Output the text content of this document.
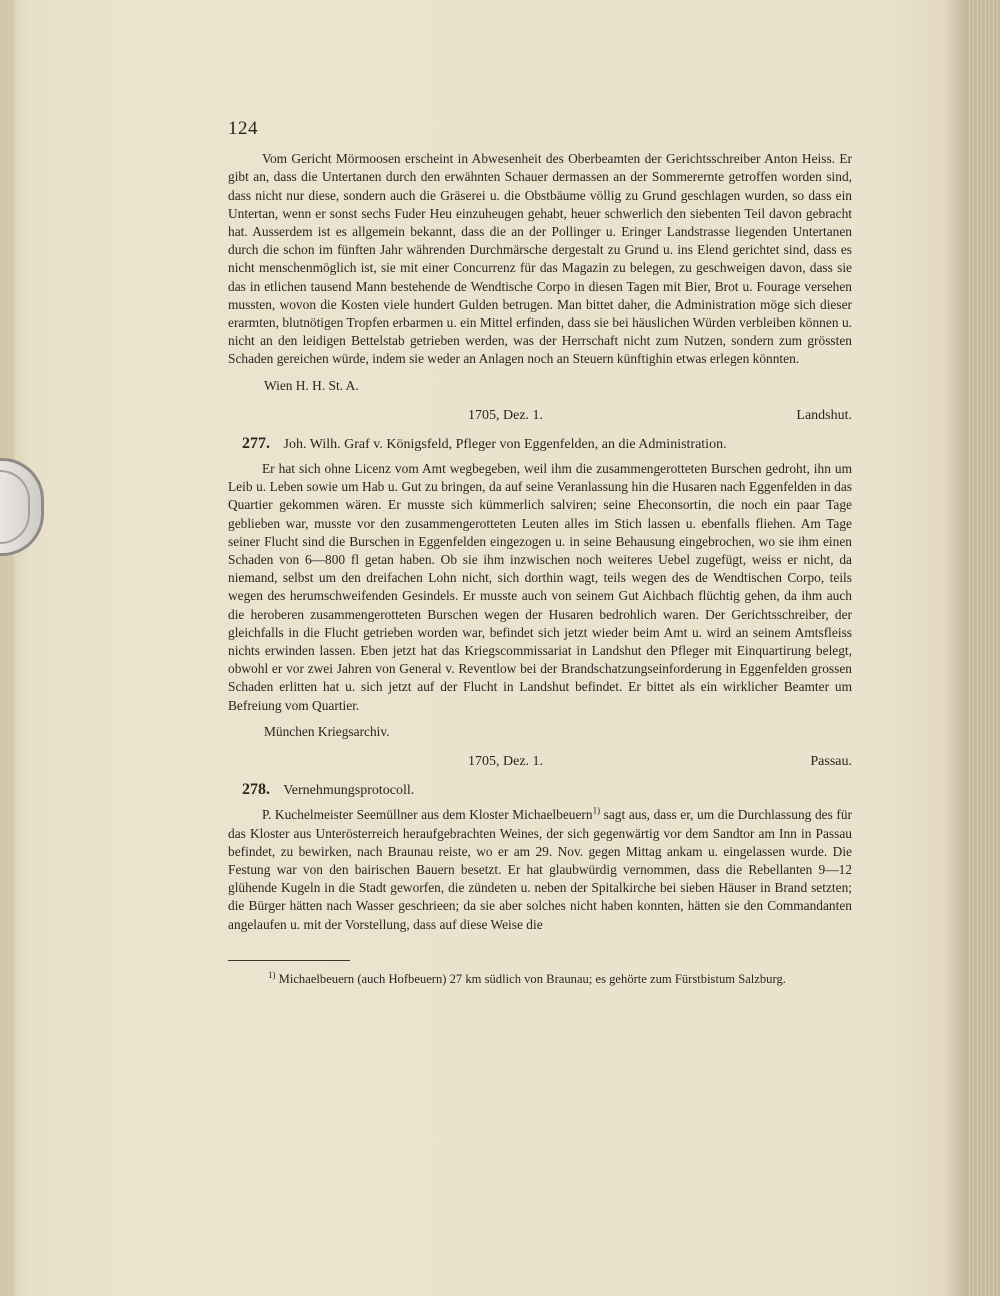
124

Vom Gericht Mörmoosen erscheint in Abwesenheit des Oberbeamten der Gerichtsschreiber Anton Heiss. Er gibt an, dass die Untertanen durch den erwähnten Schauer dermassen an der Sommerernte getroffen worden sind, dass nicht nur diese, sondern auch die Gräserei u. die Obstbäume völlig zu Grund geschlagen wurden, so dass ein Untertan, wenn er sonst sechs Fuder Heu einzuheugen gehabt, heuer schwerlich den siebenten Teil davon gebracht hat. Ausserdem ist es allgemein bekannt, dass die an der Pollinger u. Eringer Landstrasse liegenden Untertanen durch die schon im fünften Jahr währenden Durchmärsche dergestalt zu Grund u. ins Elend gerichtet sind, dass es nicht menschenmöglich ist, sie mit einer Concurrenz für das Magazin zu belegen, zu geschweigen davon, dass sie das in etlichen tausend Mann bestehende de Wendtische Corpo in diesen Tagen mit Bier, Brot u. Fourage versehen mussten, wovon die Kosten viele hundert Gulden betrugen. Man bittet daher, die Administration möge sich dieser erarmten, blutnötigen Tropfen erbarmen u. ein Mittel erfinden, dass sie bei häuslichen Würden verbleiben können u. nicht an den leidigen Bettelstab getrieben werden, was der Herrschaft nicht zum Nutzen, sondern zum grössten Schaden gereichen würde, indem sie weder an Anlagen noch an Steuern künftighin etwas erlegen könnten.

Wien H. H. St. A.
1705, Dez. 1.	Landshut.
277. Joh. Wilh. Graf v. Königsfeld, Pfleger von Eggenfelden, an die Administration.

Er hat sich ohne Licenz vom Amt wegbegeben, weil ihm die zusammengerotteten Burschen gedroht, ihn um Leib u. Leben sowie um Hab u. Gut zu bringen, da auf seine Veranlassung hin die Husaren nach Eggenfelden in das Quartier gekommen wären. Er musste sich kümmerlich salviren; seine Eheconsortin, die noch ein paar Tage geblieben war, musste vor den zusammengerotteten Leuten alles im Stich lassen u. ebenfalls fliehen. Am Tage seiner Flucht sind die Burschen in Eggenfelden eingezogen u. in seine Behausung eingebrochen, wo sie ihm einen Schaden von 6—800 fl getan haben. Ob sie ihm inzwischen noch weiteres Uebel zugefügt, weiss er nicht, da niemand, selbst um den dreifachen Lohn nicht, sich dorthin wagt, teils wegen des de Wendtischen Corpo, teils wegen des herumschweifenden Gesindels. Er musste auch von seinem Gut Aichbach flüchtig gehen, da ihm auch die heroberen zusammengerotteten Burschen wegen der Husaren bedrohlich waren. Der Gerichtsschreiber, der gleichfalls in die Flucht getrieben worden war, befindet sich jetzt wieder beim Amt u. wird an seinem Amtsfleiss nichts erwinden lassen. Eben jetzt hat das Kriegscommissariat in Landshut den Pfleger mit Einquartirung belegt, obwohl er vor zwei Jahren von General v. Reventlow bei der Brandschatzungseinforderung in Eggenfelden grossen Schaden erlitten hat u. sich jetzt auf der Flucht in Landshut befindet. Er bittet als ein wirklicher Beamter um Befreiung vom Quartier.

München Kriegsarchiv.
1705, Dez. 1.	Passau.
278. Vernehmungsprotocoll.

P. Kuchelmeister Seemüllner aus dem Kloster Michaelbeuern$^{1)}$ sagt aus, dass er, um die Durchlassung des für das Kloster aus Unterösterreich heraufgebrachten Weines, der sich gegenwärtig vor dem Sandtor am Inn in Passau befindet, zu bewirken, nach Braunau reiste, wo er am 29. Nov. gegen Mittag ankam u. eingelassen wurde. Die Festung war von den bairischen Bauern besetzt. Er hat glaubwürdig vernommen, dass die Rebellanten 9—12 glühende Kugeln in die Stadt geworfen, die zündeten u. neben der Spitalkirche bei sieben Häuser in Brand setzten; die Bürger hätten nach Wasser geschrieen; da sie aber solches nicht haben konnten, hätten sie den Commandanten angelaufen u. mit der Vorstellung, dass auf diese Weise die

$^{1)}$ Michaelbeuern (auch Hofbeuern) 27 km südlich von Braunau; es gehörte zum Fürstbistum Salzburg.
